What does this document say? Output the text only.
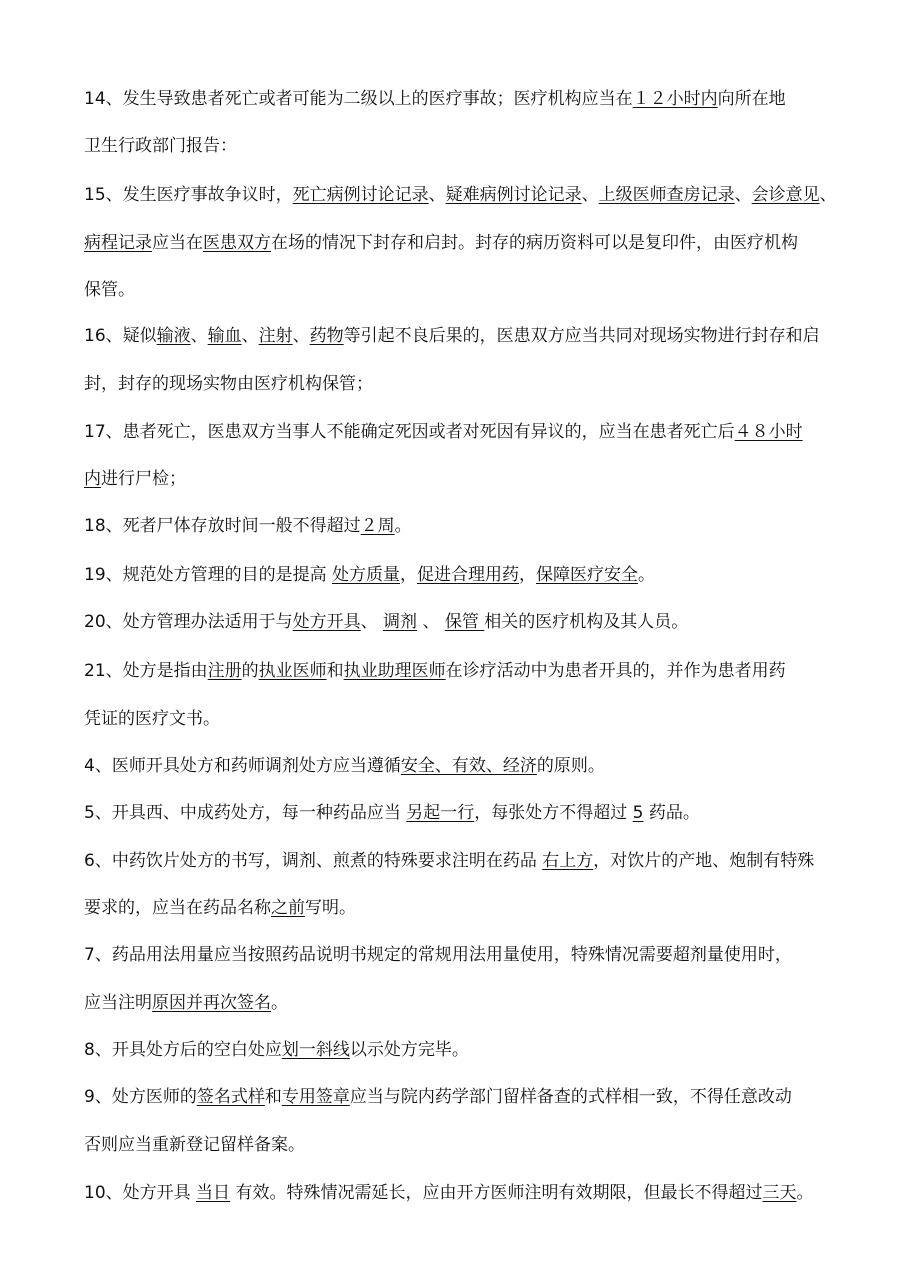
14、发生导致患者死亡或者可能为二级以上的医疗事故；医疗机构应当在１２小时内向所在地
卫生行政部门报告：
15、发生医疗事故争议时，死亡病例讨论记录、疑难病例讨论记录、上级医师查房记录、会诊意见、
病程记录应当在医患双方在场的情况下封存和启封。封存的病历资料可以是复印件，由医疗机构
保管。
16、疑似输液、输血、注射、药物等引起不良后果的，医患双方应当共同对现场实物进行封存和启
封，封存的现场实物由医疗机构保管；
17、患者死亡，医患双方当事人不能确定死因或者对死因有异议的，应当在患者死亡后４８小时
内进行尸检；
18、死者尸体存放时间一般不得超过２周。
19、规范处方管理的目的是提高 处方质量，促进合理用药，保障医疗安全。
20、处方管理办法适用于与处方开具、 调剂 、 保管 相关的医疗机构及其人员。
21、处方是指由注册的执业医师和执业助理医师在诊疗活动中为患者开具的，并作为患者用药
凭证的医疗文书。
4、医师开具处方和药师调剂处方应当遵循安全、有效、经济的原则。
5、开具西、中成药处方，每一种药品应当 另起一行，每张处方不得超过 5 药品。
6、中药饮片处方的书写，调剂、煎煮的特殊要求注明在药品 右上方，对饮片的产地、炮制有特殊
要求的，应当在药品名称之前写明。
7、药品用法用量应当按照药品说明书规定的常规用法用量使用，特殊情况需要超剂量使用时，
应当注明原因并再次签名。
8、开具处方后的空白处应划一斜线以示处方完毕。
9、处方医师的签名式样和专用签章应当与院内药学部门留样备查的式样相一致，不得任意改动
否则应当重新登记留样备案。
10、处方开具 当日 有效。特殊情况需延长，应由开方医师注明有效期限，但最长不得超过三天。
